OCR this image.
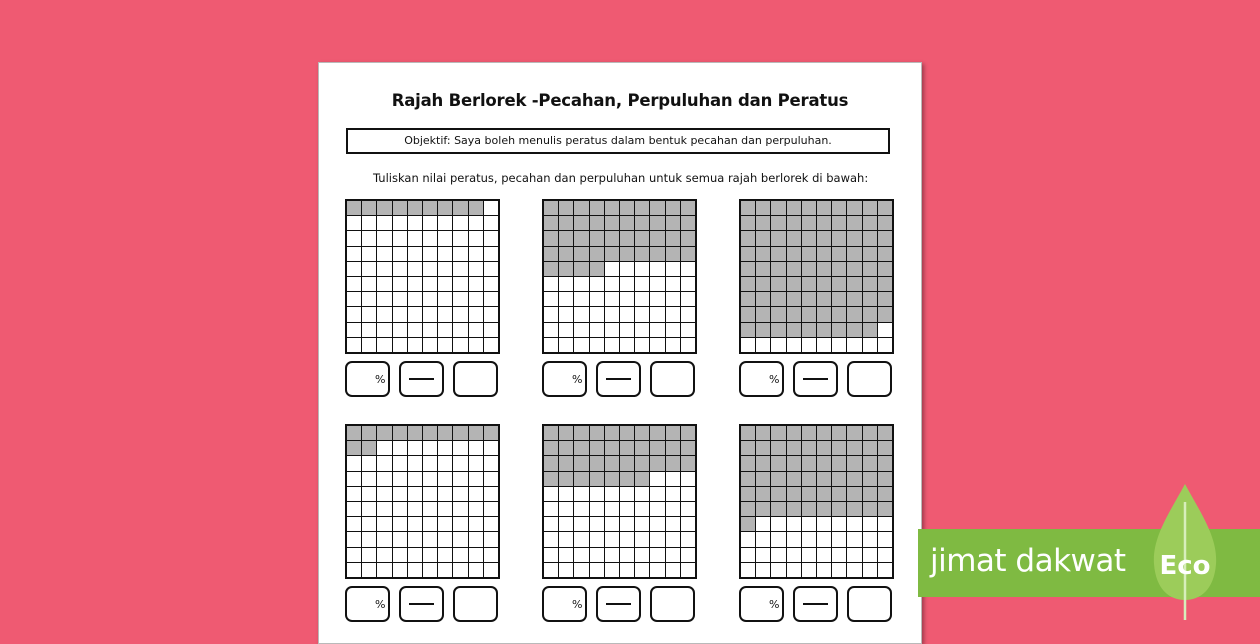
Rajah Berlorek -Pecahan, Perpuluhan dan Peratus
Objektif: Saya boleh menulis peratus dalam bentuk pecahan dan perpuluhan.
Tuliskan nilai peratus, pecahan dan perpuluhan untuk semua rajah berlorek di bawah:
%	%	%
%	%	%
jimat dakwat Eco
